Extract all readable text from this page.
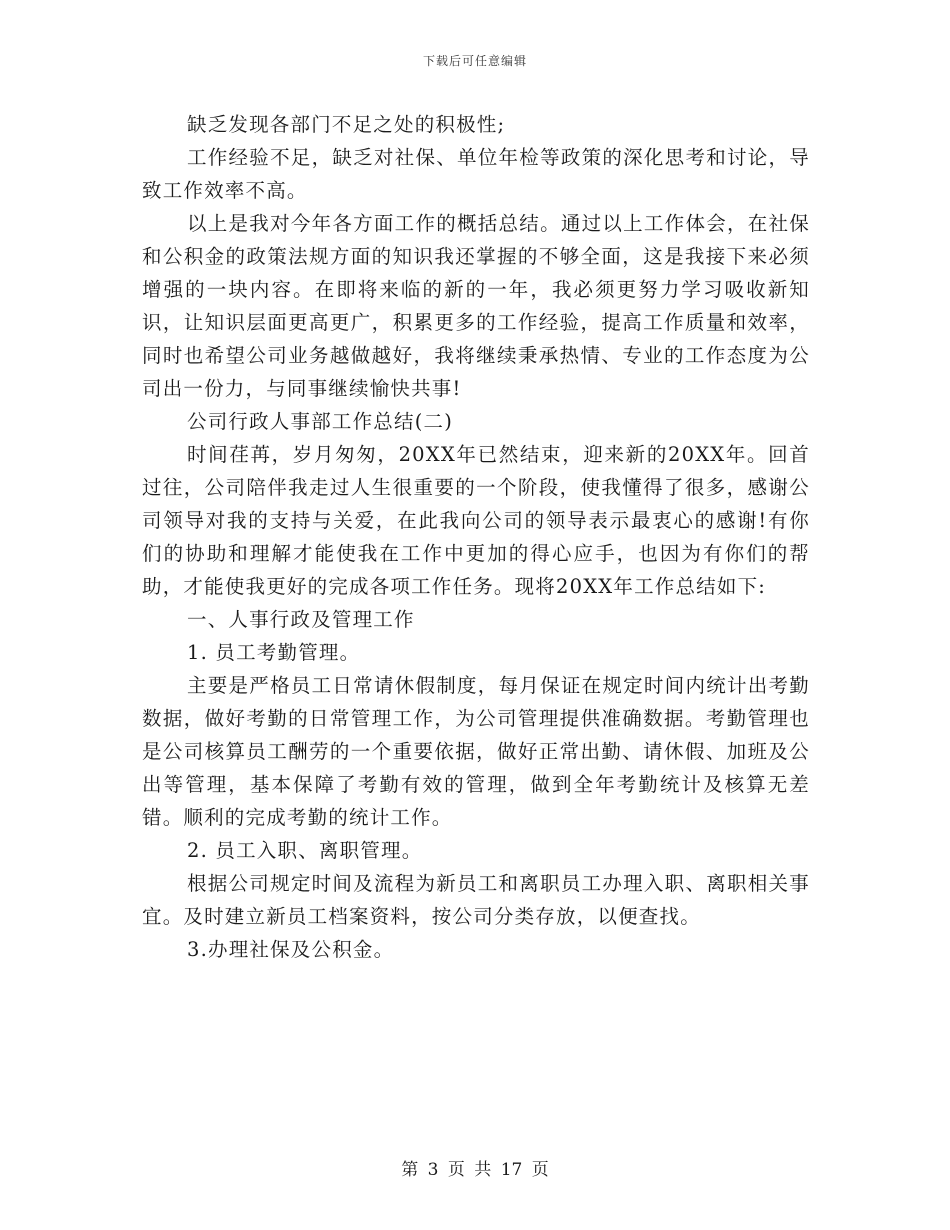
下载后可任意编辑

缺乏发现各部门不足之处的积极性;

工作经验不足，缺乏对社保、单位年检等政策的深化思考和讨论，导致工作效率不高。

以上是我对今年各方面工作的概括总结。通过以上工作体会，在社保和公积金的政策法规方面的知识我还掌握的不够全面，这是我接下来必须增强的一块内容。在即将来临的新的一年，我必须更努力学习吸收新知识，让知识层面更高更广，积累更多的工作经验，提高工作质量和效率，同时也希望公司业务越做越好，我将继续秉承热情、专业的工作态度为公司出一份力，与同事继续愉快共事!

公司行政人事部工作总结(二)

时间荏苒，岁月匆匆，20XX年已然结束，迎来新的20XX年。回首过往，公司陪伴我走过人生很重要的一个阶段，使我懂得了很多，感谢公司领导对我的支持与关爱，在此我向公司的领导表示最衷心的感谢!有你们的协助和理解才能使我在工作中更加的得心应手，也因为有你们的帮助，才能使我更好的完成各项工作任务。现将20XX年工作总结如下:

一、人事行政及管理工作

1. 员工考勤管理。

主要是严格员工日常请休假制度，每月保证在规定时间内统计出考勤数据，做好考勤的日常管理工作，为公司管理提供准确数据。考勤管理也是公司核算员工酬劳的一个重要依据，做好正常出勤、请休假、加班及公出等管理，基本保障了考勤有效的管理，做到全年考勤统计及核算无差错。顺利的完成考勤的统计工作。

2. 员工入职、离职管理。

根据公司规定时间及流程为新员工和离职员工办理入职、离职相关事宜。及时建立新员工档案资料，按公司分类存放，以便查找。

3.办理社保及公积金。

第 3 页 共 17 页
